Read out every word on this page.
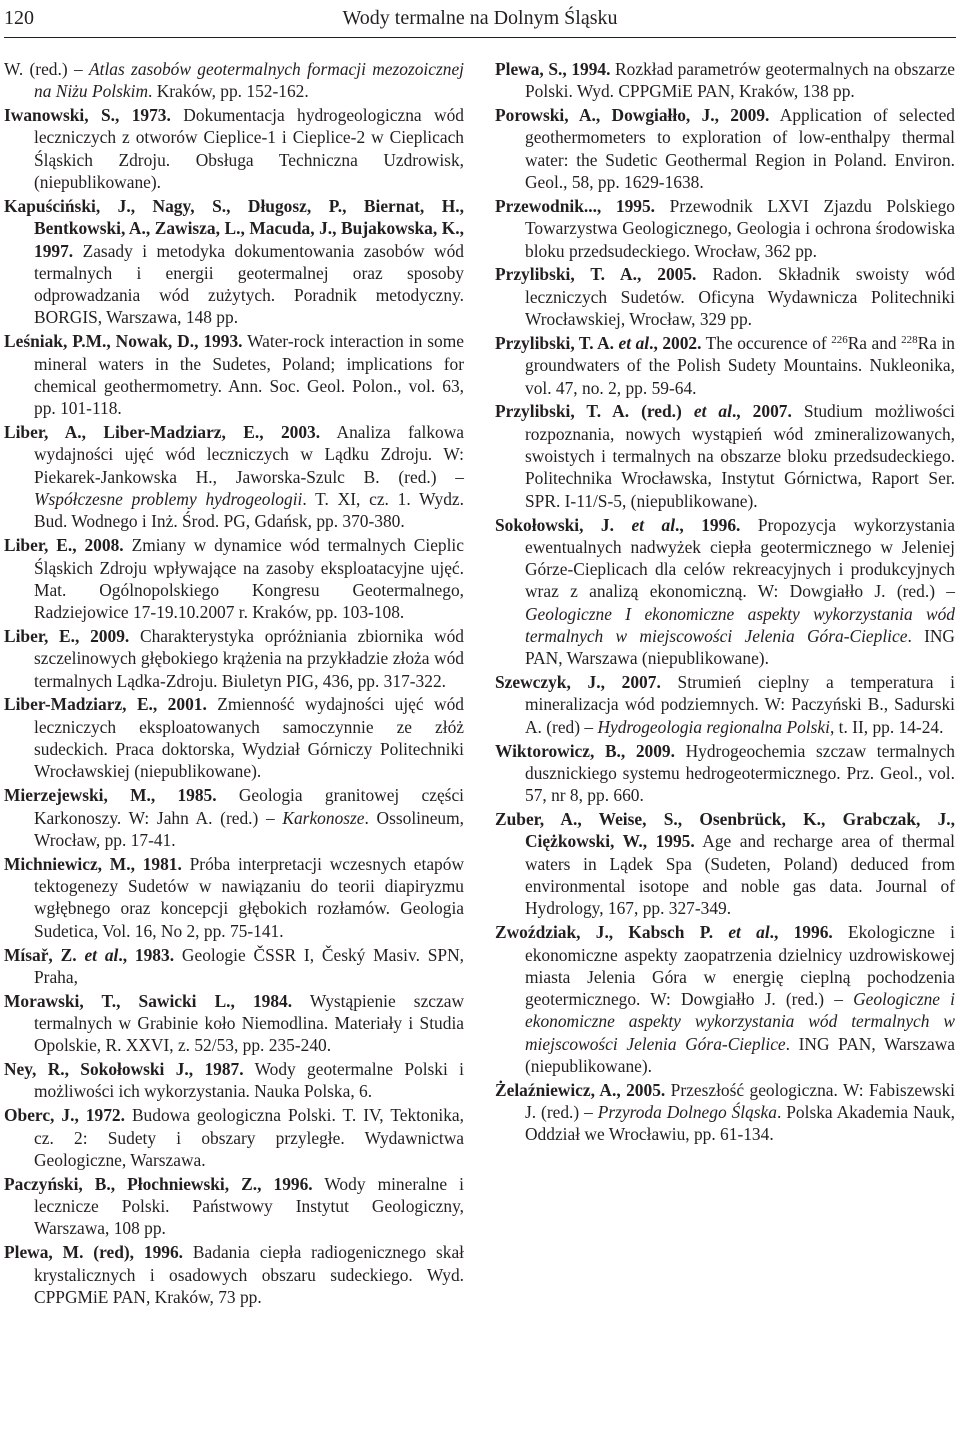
120	Wody termalne na Dolnym Śląsku
W. (red.) – Atlas zasobów geotermalnych formacji mezozoicznej na Niżu Polskim. Kraków, pp. 152-162.
Iwanowski, S., 1973. Dokumentacja hydrogeologiczna wód leczniczych z otworów Cieplice-1 i Cieplice-2 w Cieplicach Śląskich Zdroju. Obsługa Techniczna Uzdrowisk, (niepublikowane).
Kapuściński, J., Nagy, S., Długosz, P., Biernat, H., Bentkowski, A., Zawisza, L., Macuda, J., Bujakowska, K., 1997. Zasady i metodyka dokumentowania zasobów wód termalnych i energii geotermalnej oraz sposoby odprowadzania wód zużytych. Poradnik metodyczny. BORGIS, Warszawa, 148 pp.
Leśniak, P.M., Nowak, D., 1993. Water-rock interaction in some mineral waters in the Sudetes, Poland; implications for chemical geothermometry. Ann. Soc. Geol. Polon., vol. 63, pp. 101-118.
Liber, A., Liber-Madziarz, E., 2003. Analiza falkowa wydajności ujęć wód leczniczych w Lądku Zdroju. W: Piekarek-Jankowska H., Jaworska-Szulc B. (red.) – Współczesne problemy hydrogeologii. T. XI, cz. 1. Wydz. Bud. Wodnego i Inż. Środ. PG, Gdańsk, pp. 370-380.
Liber, E., 2008. Zmiany w dynamice wód termalnych Cieplic Śląskich Zdroju wpływające na zasoby eksploatacyjne ujęć. Mat. Ogólnopolskiego Kongresu Geotermalnego, Radziejowice 17-19.10.2007 r. Kraków, pp. 103-108.
Liber, E., 2009. Charakterystyka opróżniania zbiornika wód szczelinowych głębokiego krążenia na przykładzie złoża wód termalnych Lądka-Zdroju. Biuletyn PIG, 436, pp. 317-322.
Liber-Madziarz, E., 2001. Zmienność wydajności ujęć wód leczniczych eksploatowanych samoczynnie ze złóż sudeckich. Praca doktorska, Wydział Górniczy Politechniki Wrocławskiej (niepublikowane).
Mierzejewski, M., 1985. Geologia granitowej części Karkonoszy. W: Jahn A. (red.) – Karkonosze. Ossolineum, Wrocław, pp. 17-41.
Michniewicz, M., 1981. Próba interpretacji wczesnych etapów tektogenezy Sudetów w nawiązaniu do teorii diapiryzmu wgłębnego oraz koncepcji głębokich rozłamów. Geologia Sudetica, Vol. 16, No 2, pp. 75-141.
Mísař, Z. et al., 1983. Geologie ČSSR I, Český Masiv. SPN, Praha,
Morawski, T., Sawicki L., 1984. Wystąpienie szczaw termalnych w Grabinie koło Niemodlina. Materiały i Studia Opolskie, R. XXVI, z. 52/53, pp. 235-240.
Ney, R., Sokołowski J., 1987. Wody geotermalne Polski i możliwości ich wykorzystania. Nauka Polska, 6.
Oberc, J., 1972. Budowa geologiczna Polski. T. IV, Tektonika, cz. 2: Sudety i obszary przyległe. Wydawnictwa Geologiczne, Warszawa.
Paczyński, B., Płochniewski, Z., 1996. Wody mineralne i lecznicze Polski. Państwowy Instytut Geologiczny, Warszawa, 108 pp.
Plewa, M. (red), 1996. Badania ciepła radiogenicznego skał krystalicznych i osadowych obszaru sudeckiego. Wyd. CPPGMiE PAN, Kraków, 73 pp.
Plewa, S., 1994. Rozkład parametrów geotermalnych na obszarze Polski. Wyd. CPPGMiE PAN, Kraków, 138 pp.
Porowski, A., Dowgiałło, J., 2009. Application of selected geothermometers to exploration of low-enthalpy thermal water: the Sudetic Geothermal Region in Poland. Environ. Geol., 58, pp. 1629-1638.
Przewodnik..., 1995. Przewodnik LXVI Zjazdu Polskiego Towarzystwa Geologicznego, Geologia i ochrona środowiska bloku przedsudeckiego. Wrocław, 362 pp.
Przylibski, T. A., 2005. Radon. Składnik swoisty wód leczniczych Sudetów. Oficyna Wydawnicza Politechniki Wrocławskiej, Wrocław, 329 pp.
Przylibski, T. A. et al., 2002. The occurence of $^{226}$Ra and $^{228}$Ra in groundwaters of the Polish Sudety Mountains. Nukleonika, vol. 47, no. 2, pp. 59-64.
Przylibski, T. A. (red.) et al., 2007. Studium możliwości rozpoznania, nowych wystąpień wód zmineralizowanych, swoistych i termalnych na obszarze bloku przedsudeckiego. Politechnika Wrocławska, Instytut Górnictwa, Raport Ser. SPR. I-11/S-5, (niepublikowane).
Sokołowski, J. et al., 1996. Propozycja wykorzystania ewentualnych nadwyżek ciepła geotermicznego w Jeleniej Górze-Cieplicach dla celów rekreacyjnych i produkcyjnych wraz z analizą ekonomiczną. W: Dowgiałło J. (red.) – Geologiczne I ekonomiczne aspekty wykorzystania wód termalnych w miejscowości Jelenia Góra-Cieplice. ING PAN, Warszawa (niepublikowane).
Szewczyk, J., 2007. Strumień cieplny a temperatura i mineralizacja wód podziemnych. W: Paczyński B., Sadurski A. (red) – Hydrogeologia regionalna Polski, t. II, pp. 14-24.
Wiktorowicz, B., 2009. Hydrogeochemia szczaw termalnych dusznickiego systemu hedrogeotermicznego. Prz. Geol., vol. 57, nr 8, pp. 660.
Zuber, A., Weise, S., Osenbrück, K., Grabczak, J., Ciężkowski, W., 1995. Age and recharge area of thermal waters in Lądek Spa (Sudeten, Poland) deduced from environmental isotope and noble gas data. Journal of Hydrology, 167, pp. 327-349.
Zwoździak, J., Kabsch P. et al., 1996. Ekologiczne i ekonomiczne aspekty zaopatrzenia dzielnicy uzdrowiskowej miasta Jelenia Góra w energię cieplną pochodzenia geotermicznego. W: Dowgiałło J. (red.) – Geologiczne i ekonomiczne aspekty wykorzystania wód termalnych w miejscowości Jelenia Góra-Cieplice. ING PAN, Warszawa (niepublikowane).
Żelaźniewicz, A., 2005. Przeszłość geologiczna. W: Fabiszewski J. (red.) – Przyroda Dolnego Śląska. Polska Akademia Nauk, Oddział we Wrocławiu, pp. 61-134.
